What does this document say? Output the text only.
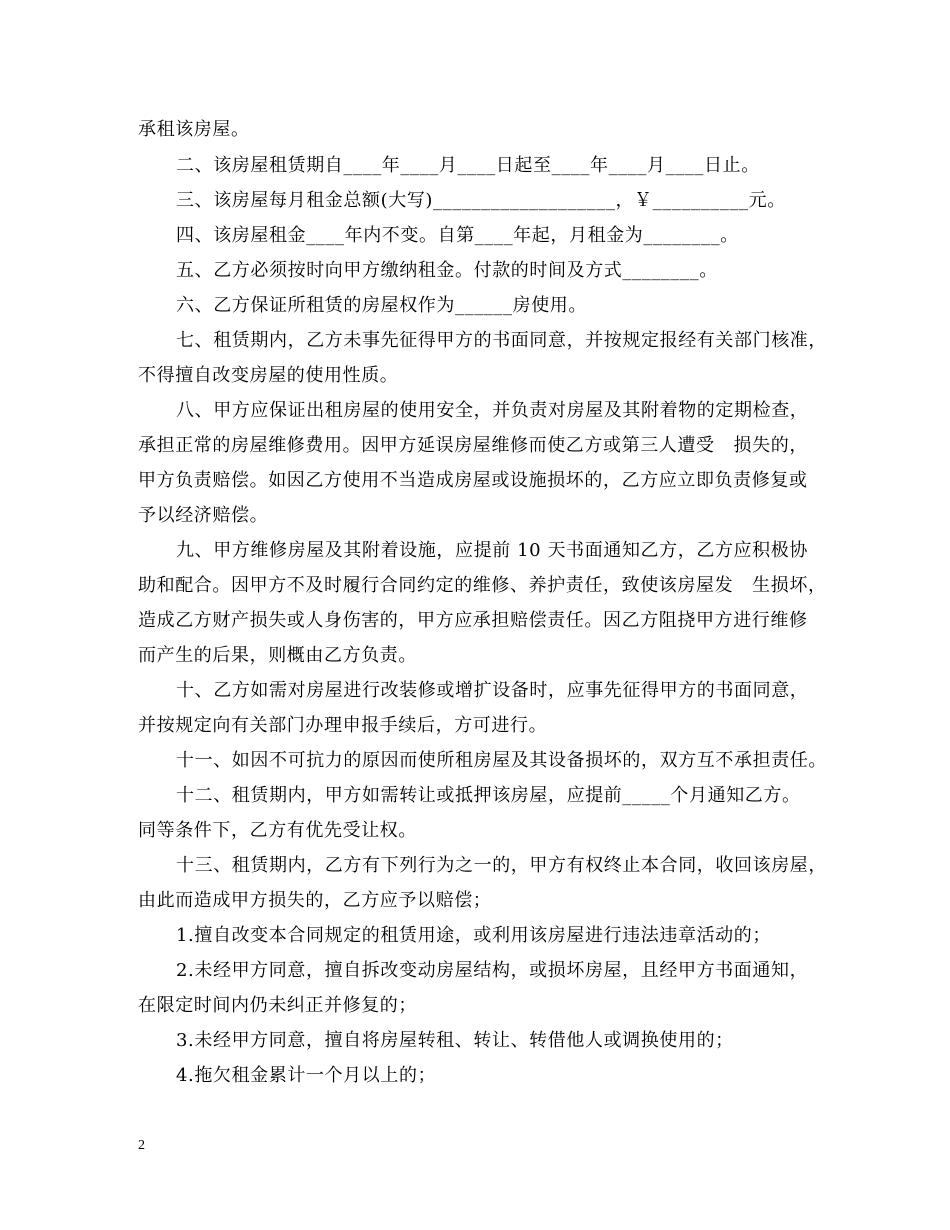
承租该房屋。
二、该房屋租赁期自____年____月____日起至____年____月____日止。
三、该房屋每月租金总额(大写)___________________，￥__________元。
四、该房屋租金____年内不变。自第____年起，月租金为________。
五、乙方必须按时向甲方缴纳租金。付款的时间及方式________。
六、乙方保证所租赁的房屋权作为______房使用。
七、租赁期内，乙方未事先征得甲方的书面同意，并按规定报经有关部门核准，
不得擅自改变房屋的使用性质。
八、甲方应保证出租房屋的使用安全，并负责对房屋及其附着物的定期检查，
承担正常的房屋维修费用。因甲方延误房屋维修而使乙方或第三人遭受   损失的，
甲方负责赔偿。如因乙方使用不当造成房屋或设施损坏的，乙方应立即负责修复或
予以经济赔偿。
九、甲方维修房屋及其附着设施，应提前 10 天书面通知乙方，乙方应积极协
助和配合。因甲方不及时履行合同约定的维修、养护责任，致使该房屋发   生损坏，
造成乙方财产损失或人身伤害的，甲方应承担赔偿责任。因乙方阻挠甲方进行维修
而产生的后果，则概由乙方负责。
十、乙方如需对房屋进行改装修或增扩设备时，应事先征得甲方的书面同意，
并按规定向有关部门办理申报手续后，方可进行。
十一、如因不可抗力的原因而使所租房屋及其设备损坏的，双方互不承担责任。
十二、租赁期内，甲方如需转让或抵押该房屋，应提前_____个月通知乙方。
同等条件下，乙方有优先受让权。
十三、租赁期内，乙方有下列行为之一的，甲方有权终止本合同，收回该房屋，
由此而造成甲方损失的，乙方应予以赔偿；
1.擅自改变本合同规定的租赁用途，或利用该房屋进行违法违章活动的；
2.未经甲方同意，擅自拆改变动房屋结构，或损坏房屋，且经甲方书面通知，
在限定时间内仍未纠正并修复的；
3.未经甲方同意，擅自将房屋转租、转让、转借他人或调换使用的；
4.拖欠租金累计一个月以上的；
2
